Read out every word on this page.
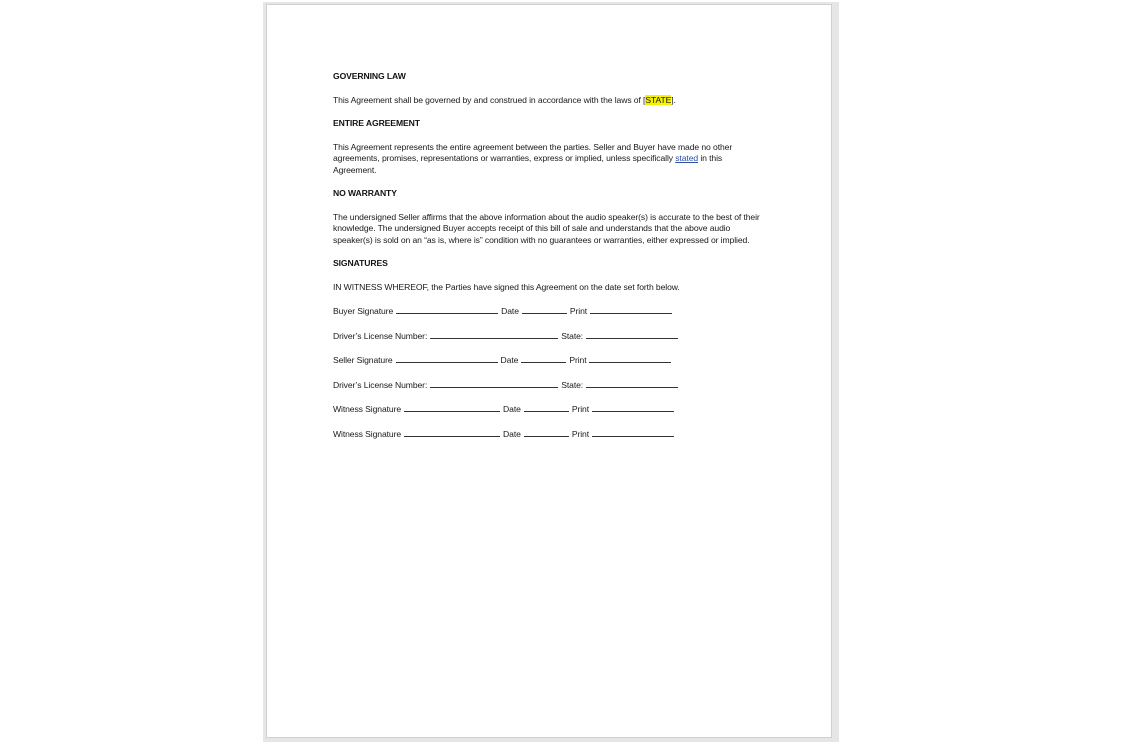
GOVERNING LAW
This Agreement shall be governed by and construed in accordance with the laws of [STATE].
ENTIRE AGREEMENT
This Agreement represents the entire agreement between the parties. Seller and Buyer have made no other agreements, promises, representations or warranties, express or implied, unless specifically stated in this Agreement.
NO WARRANTY
The undersigned Seller affirms that the above information about the audio speaker(s) is accurate to the best of their knowledge. The undersigned Buyer accepts receipt of this bill of sale and understands that the above audio speaker(s) is sold on an “as is, where is” condition with no guarantees or warranties, either expressed or implied.
SIGNATURES
IN WITNESS WHEREOF, the Parties have signed this Agreement on the date set forth below.
Buyer Signature	Date	Print
Driver’s License Number:	State:
Seller Signature	Date	Print
Driver’s License Number:	State:
Witness Signature	Date	Print
Witness Signature	Date	Print
